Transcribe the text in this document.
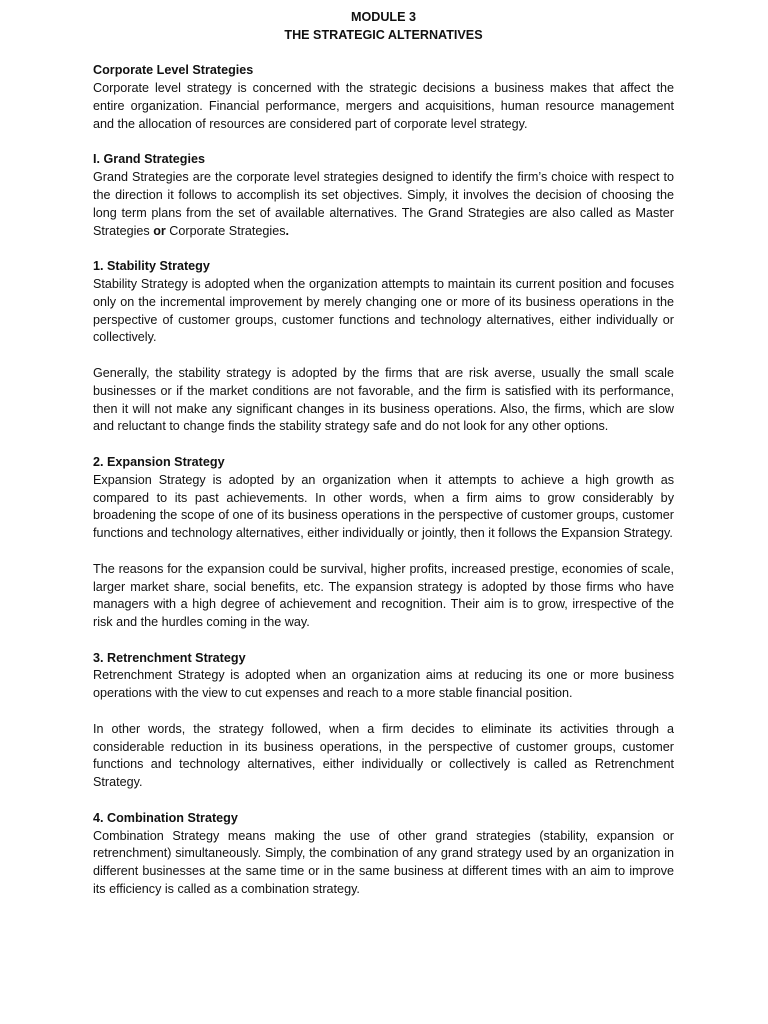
MODULE 3
THE STRATEGIC ALTERNATIVES
Corporate Level Strategies

Corporate level strategy is concerned with the strategic decisions a business makes that affect the entire organization. Financial performance, mergers and acquisitions, human resource management and the allocation of resources are considered part of corporate level strategy.

I. Grand Strategies

Grand Strategies are the corporate level strategies designed to identify the firm’s choice with respect to the direction it follows to accomplish its set objectives. Simply, it involves the decision of choosing the long term plans from the set of available alternatives. The Grand Strategies are also called as Master Strategies or Corporate Strategies.

1. Stability Strategy

Stability Strategy is adopted when the organization attempts to maintain its current position and focuses only on the incremental improvement by merely changing one or more of its business operations in the perspective of customer groups, customer functions and technology alternatives, either individually or collectively.

Generally, the stability strategy is adopted by the firms that are risk averse, usually the small scale businesses or if the market conditions are not favorable, and the firm is satisfied with its performance, then it will not make any significant changes in its business operations. Also, the firms, which are slow and reluctant to change finds the stability strategy safe and do not look for any other options.

2. Expansion Strategy

Expansion Strategy is adopted by an organization when it attempts to achieve a high growth as compared to its past achievements. In other words, when a firm aims to grow considerably by broadening the scope of one of its business operations in the perspective of customer groups, customer functions and technology alternatives, either individually or jointly, then it follows the Expansion Strategy.

The reasons for the expansion could be survival, higher profits, increased prestige, economies of scale, larger market share, social benefits, etc. The expansion strategy is adopted by those firms who have managers with a high degree of achievement and recognition. Their aim is to grow, irrespective of the risk and the hurdles coming in the way.

3. Retrenchment Strategy

Retrenchment Strategy is adopted when an organization aims at reducing its one or more business operations with the view to cut expenses and reach to a more stable financial position.

In other words, the strategy followed, when a firm decides to eliminate its activities through a considerable reduction in its business operations, in the perspective of customer groups, customer functions and technology alternatives, either individually or collectively is called as Retrenchment Strategy.

4. Combination Strategy

Combination Strategy means making the use of other grand strategies (stability, expansion or retrenchment) simultaneously. Simply, the combination of any grand strategy used by an organization in different businesses at the same time or in the same business at different times with an aim to improve its efficiency is called as a combination strategy.
